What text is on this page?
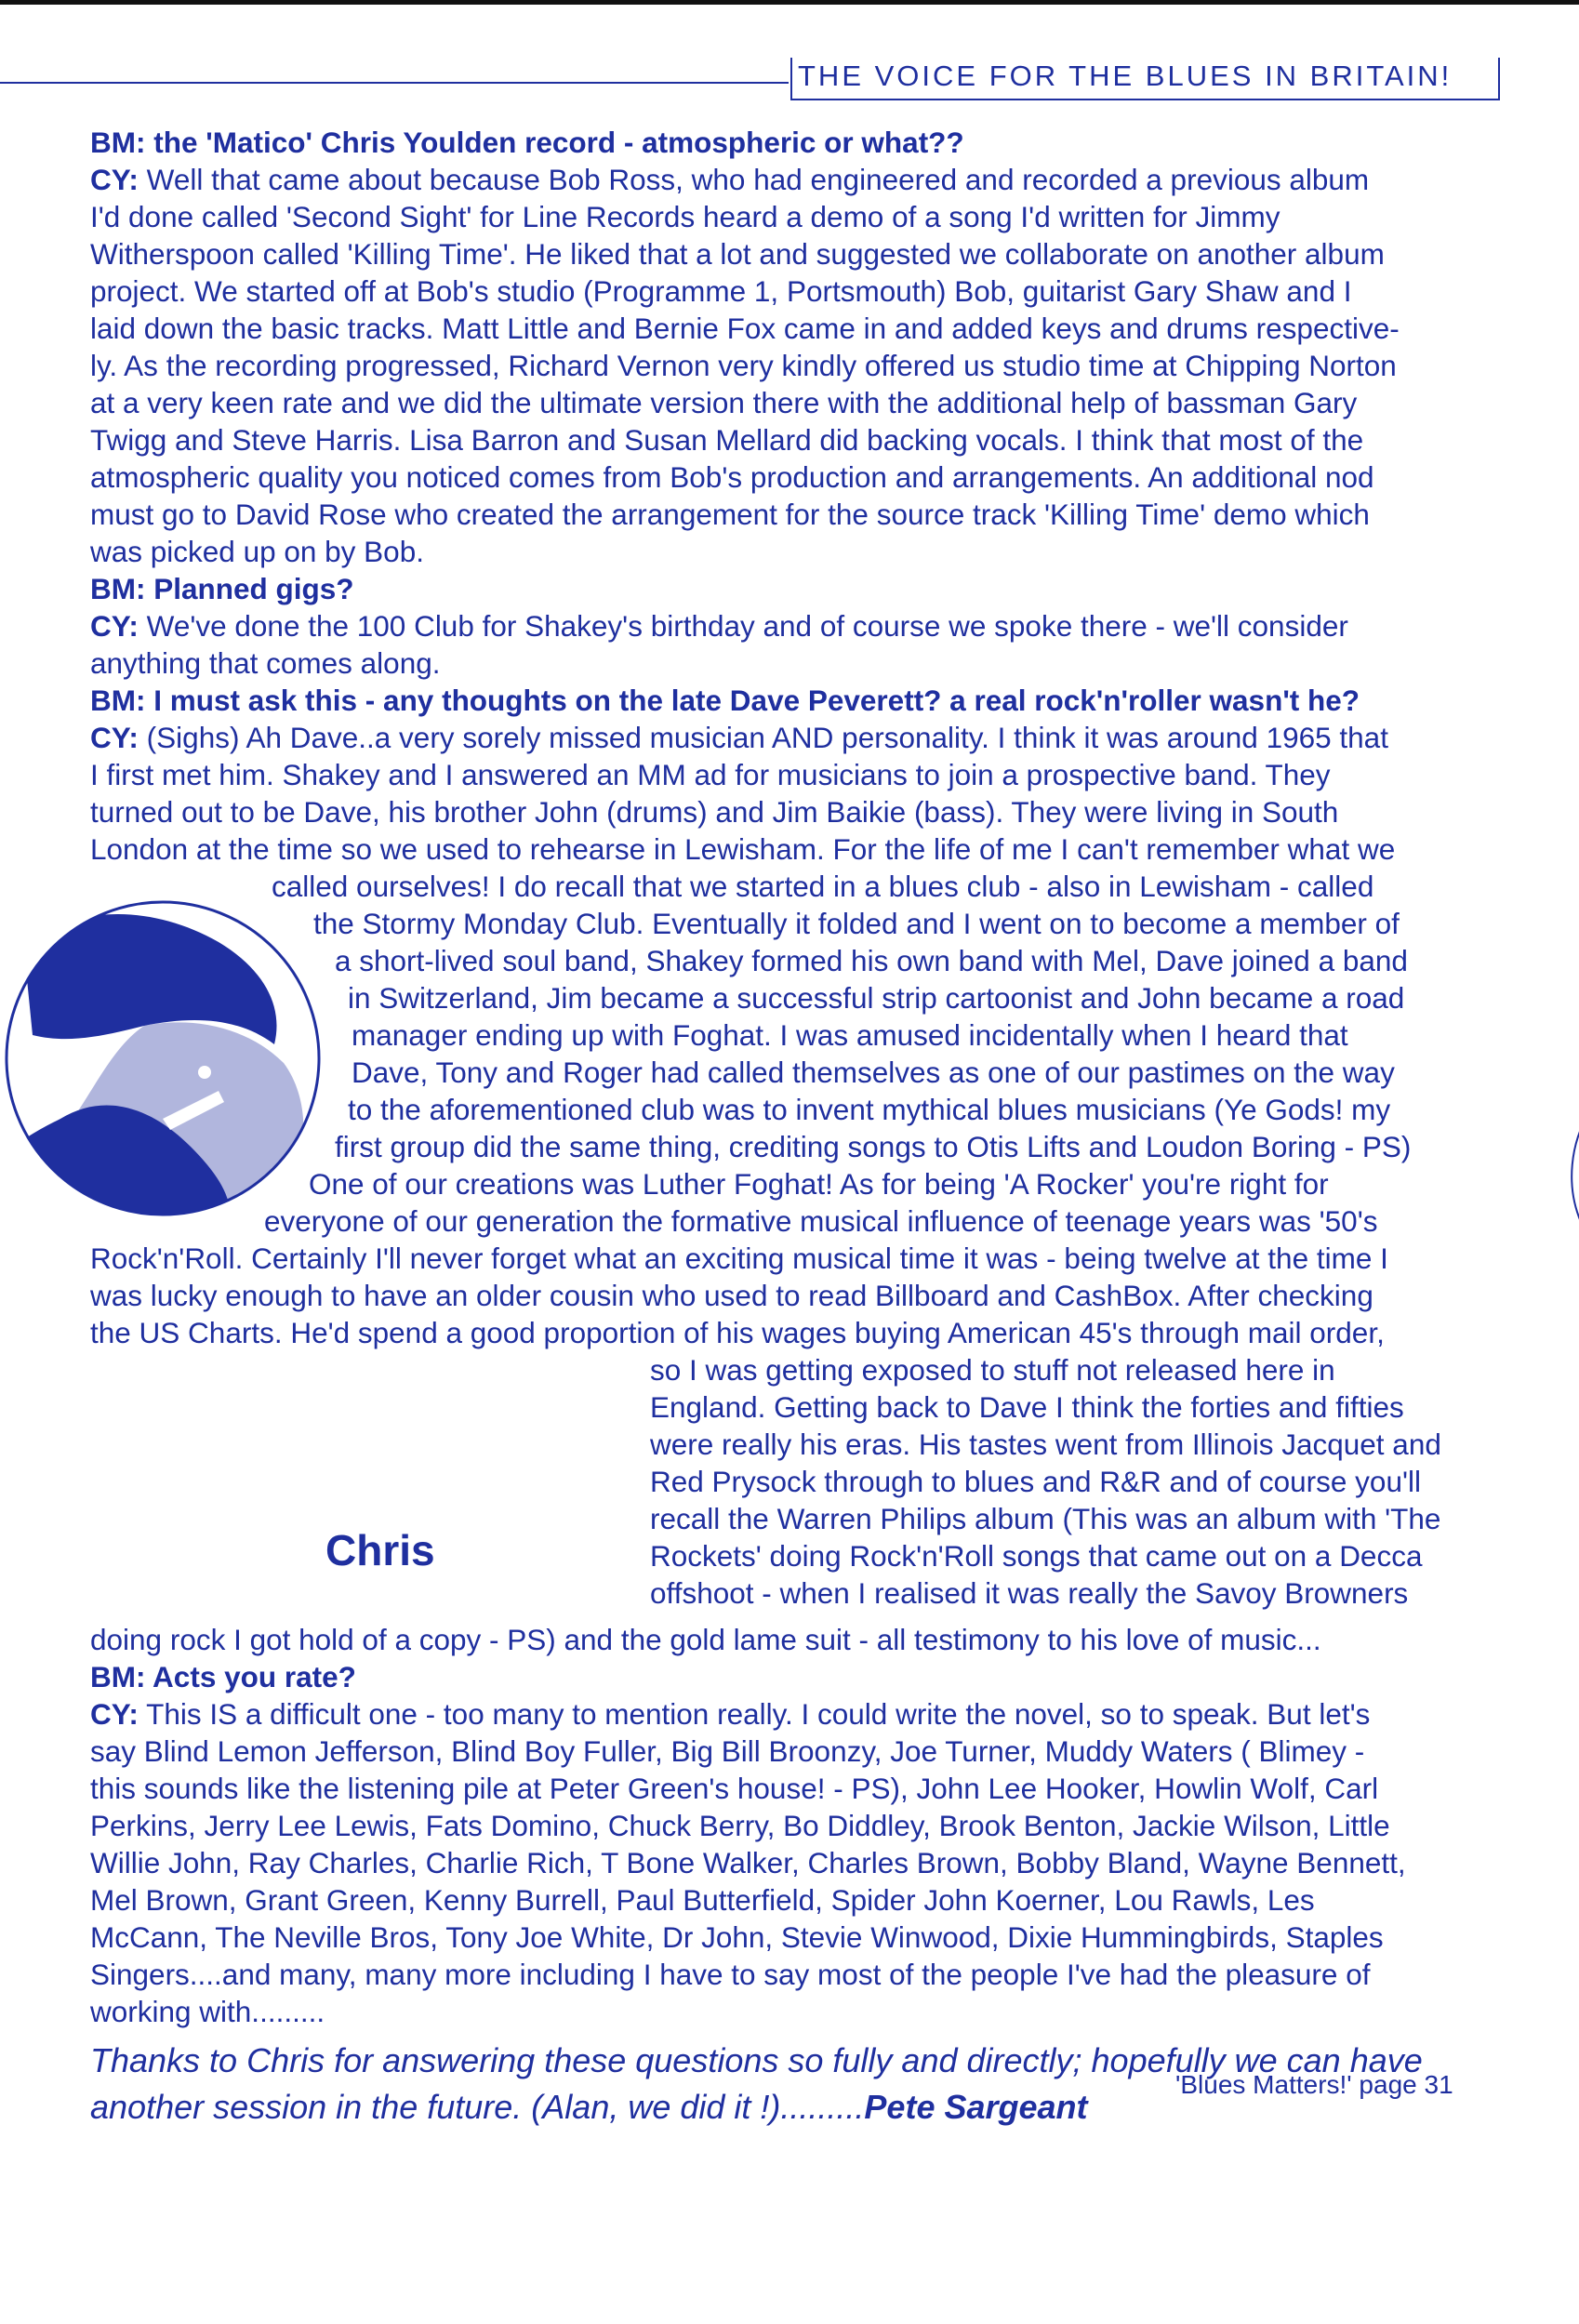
THE VOICE FOR THE BLUES IN BRITAIN!
BM: the 'Matico' Chris Youlden record - atmospheric or what??
CY: Well that came about because Bob Ross, who had engineered and recorded a previous album
I'd done called 'Second Sight' for Line Records heard a demo of a song I'd written for Jimmy
Witherspoon called 'Killing Time'. He liked that a lot and suggested we collaborate on another album
project. We started off at Bob's studio (Programme 1, Portsmouth) Bob, guitarist Gary Shaw and I
laid down the basic tracks. Matt Little and Bernie Fox came in and added keys and drums respective-
ly. As the recording progressed, Richard Vernon very kindly offered us studio time at Chipping Norton
at a very keen rate and we did the ultimate version there with the additional help of bassman Gary
Twigg and Steve Harris. Lisa Barron and Susan Mellard did backing vocals. I think that most of the
atmospheric quality you noticed comes from Bob's production and arrangements. An additional nod
must go to David Rose who created the arrangement for the source track 'Killing Time' demo which
was picked up on by Bob.
BM: Planned gigs?
CY: We've done the 100 Club for Shakey's birthday and of course we spoke there - we'll consider
anything that comes along.
BM: I must ask this - any thoughts on the late Dave Peverett? a real rock'n'roller wasn't he?
CY: (Sighs) Ah Dave..a very sorely missed musician AND personality. I think it was around 1965 that
I first met him. Shakey and I answered an MM ad for musicians to join a prospective band. They
turned out to be Dave, his brother John (drums) and Jim Baikie (bass). They were living in South
London at the time so we used to rehearse in Lewisham. For the life of me I can't remember what we
called ourselves! I do recall that we started in a blues club - also in Lewisham - called
the Stormy Monday Club. Eventually it folded and I went on to become a member of
a short-lived soul band, Shakey formed his own band with Mel, Dave joined a band
in Switzerland, Jim became a successful strip cartoonist and John became a road
manager ending up with Foghat. I was amused incidentally when I heard that
Dave, Tony and Roger had called themselves as one of our pastimes on the way
to the aforementioned club was to invent mythical blues musicians (Ye Gods! my
first group did the same thing, crediting songs to Otis Lifts and Loudon Boring - PS)
One of our creations was Luther Foghat! As for being 'A Rocker' you're right for
everyone of our generation the formative musical influence of teenage years was '50's
Rock'n'Roll. Certainly I'll never forget what an exciting musical time it was - being twelve at the time I
was lucky enough to have an older cousin who used to read Billboard and CashBox. After checking
the US Charts. He'd spend a good proportion of his wages buying American 45's through mail order,
so I was getting exposed to stuff not released here in
England. Getting back to Dave I think the forties and fifties
were really his eras. His tastes went from Illinois Jacquet and
Red Prysock through to blues and R&R and of course you'll
recall the Warren Philips album (This was an album with 'The
Rockets' doing Rock'n'Roll songs that came out on a Decca
offshoot - when I realised it was really the Savoy Browners
doing rock I got hold of a copy - PS) and the gold lame suit - all testimony to his love of music...
Chris
BM: Acts you rate?
CY: This IS a difficult one - too many to mention really. I could write the novel, so to speak. But let's
say Blind Lemon Jefferson, Blind Boy Fuller, Big Bill Broonzy, Joe Turner, Muddy Waters ( Blimey -
this sounds like the listening pile at Peter Green's house! - PS), John Lee Hooker, Howlin Wolf, Carl
Perkins, Jerry Lee Lewis, Fats Domino, Chuck Berry, Bo Diddley, Brook Benton, Jackie Wilson, Little
Willie John, Ray Charles, Charlie Rich, T Bone Walker, Charles Brown, Bobby Bland, Wayne Bennett,
Mel Brown, Grant Green, Kenny Burrell, Paul Butterfield, Spider John Koerner, Lou Rawls, Les
McCann, The Neville Bros, Tony Joe White, Dr John, Stevie Winwood, Dixie Hummingbirds, Staples
Singers....and many, many more including I have to say most of the people I've had the pleasure of
working with.........
Thanks to Chris for answering these questions so fully and directly; hopefully we can have
another session in the future. (Alan, we did it !).........Pete Sargeant
'Blues Matters!' page 31
